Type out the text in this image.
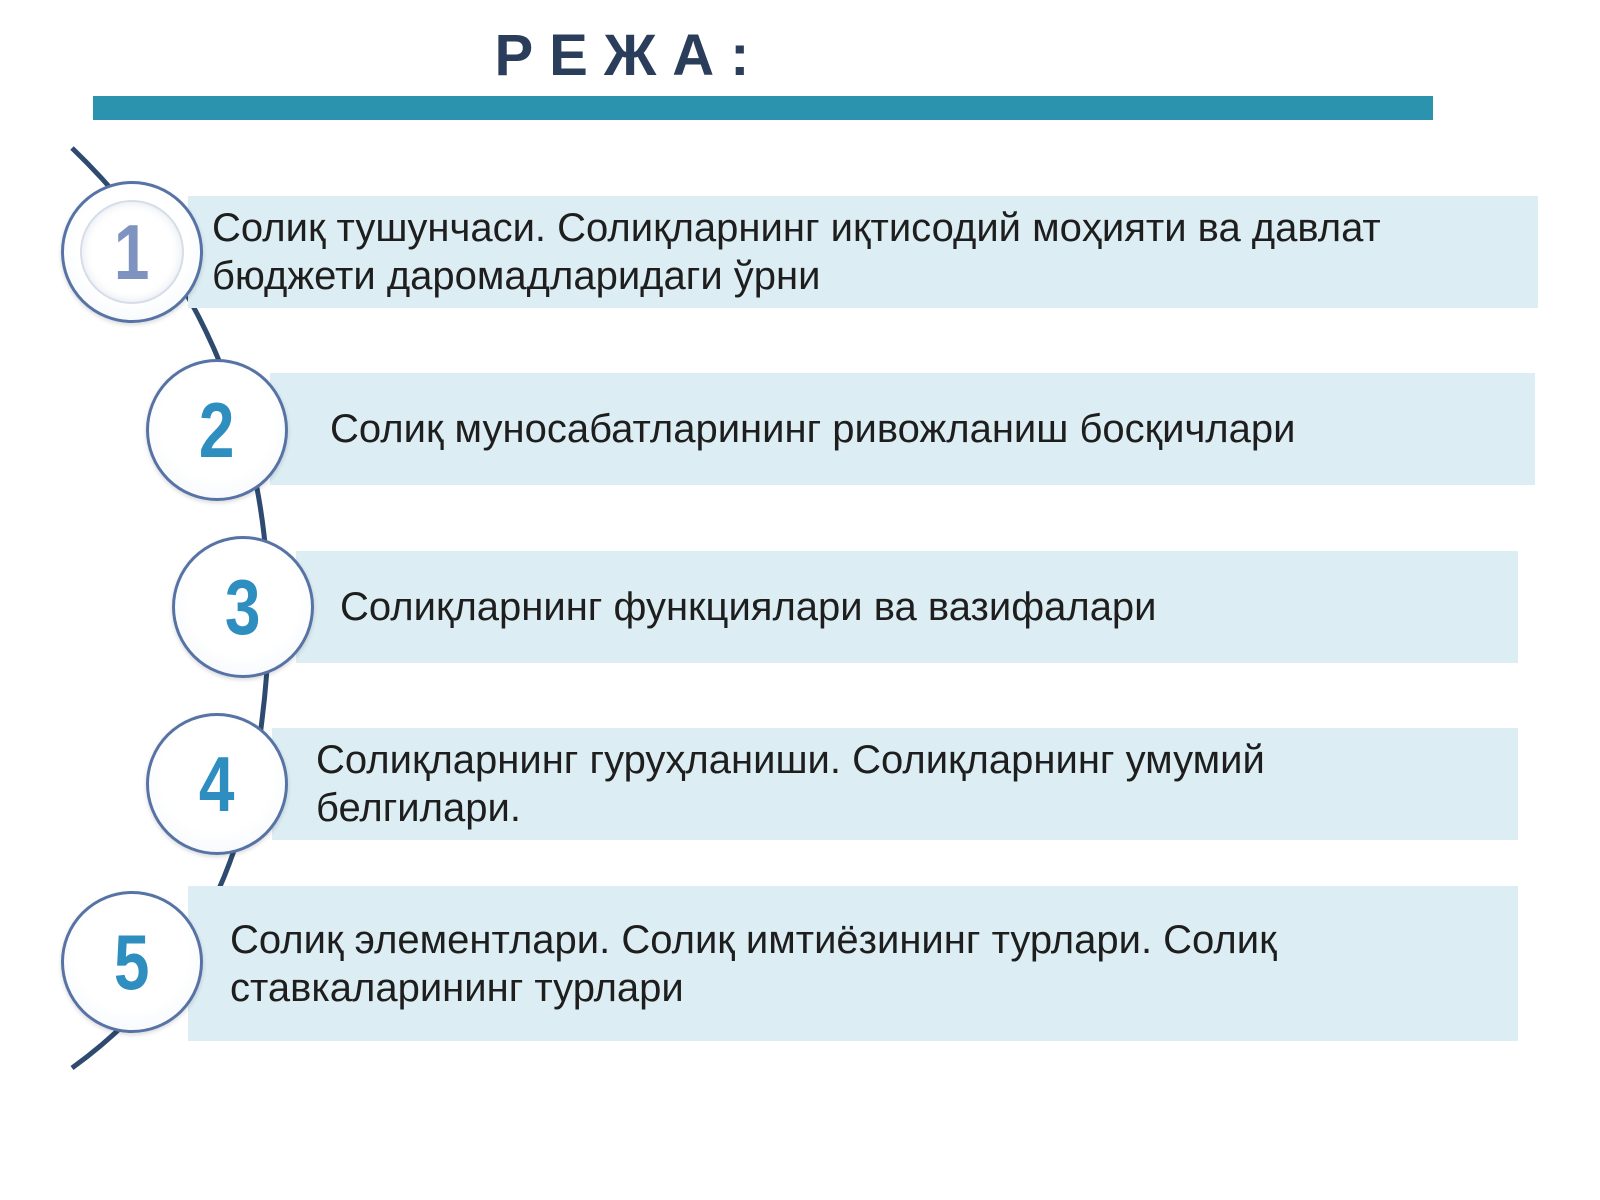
РЕЖА:
Солиқ тушунчаси. Солиқларнинг иқтисодий моҳияти ва давлат бюджети даромадларидаги ўрни
Солиқ муносабатларининг ривожланиш босқичлари
Солиқларнинг функциялари ва вазифалари
Солиқларнинг гуруҳланиши. Солиқларнинг умумий белгилари.
Солиқ элементлари. Солиқ имтиёзининг турлари. Солиқ ставкаларининг турлари
1
2
3
4
5
